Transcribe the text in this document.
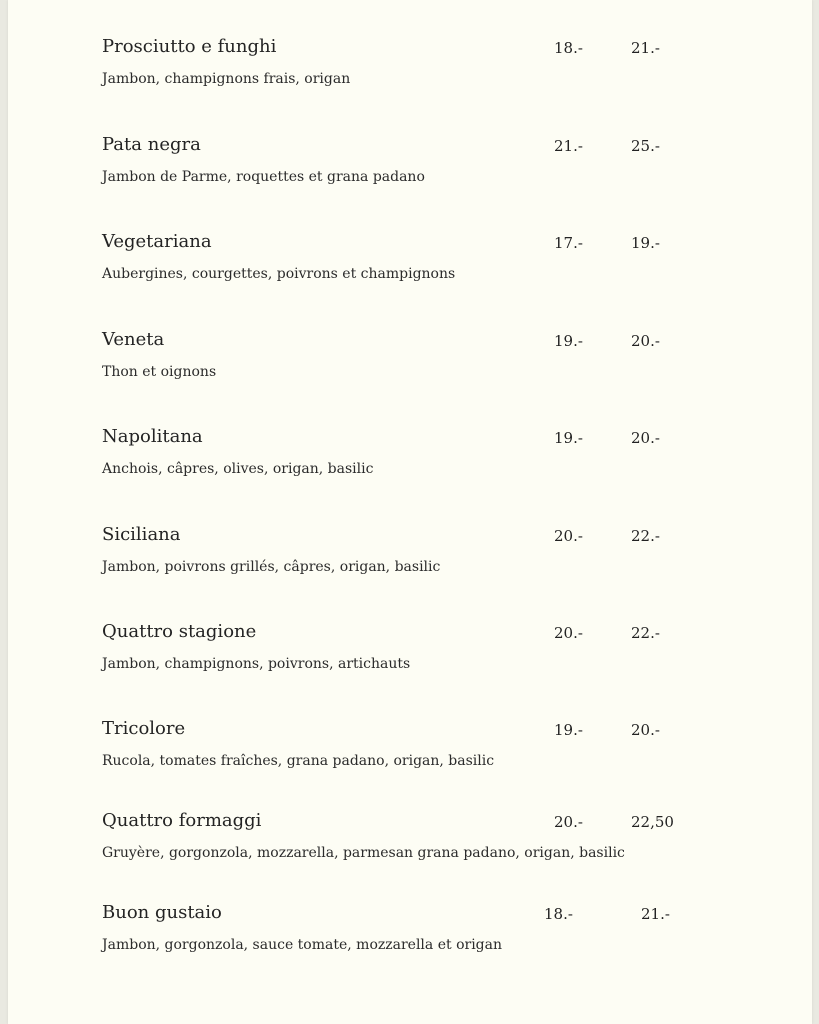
Prosciutto e funghi	18.-	21.-
Jambon, champignons frais, origan
Pata negra	21.-	25.-
Jambon de Parme, roquettes et grana padano
Vegetariana	17.-	19.-
Aubergines, courgettes, poivrons et champignons
Veneta	19.-	20.-
Thon et oignons
Napolitana	19.-	20.-
Anchois, câpres, olives, origan, basilic
Siciliana	20.-	22.-
Jambon, poivrons grillés, câpres, origan, basilic
Quattro stagione	20.-	22.-
Jambon, champignons, poivrons, artichauts
Tricolore	19.-	20.-
Rucola, tomates fraîches, grana padano, origan, basilic
Quattro formaggi	20.-	22,50
Gruyère, gorgonzola, mozzarella, parmesan grana padano, origan, basilic
Buon gustaio	18.-	21.-
Jambon, gorgonzola, sauce tomate, mozzarella et origan
